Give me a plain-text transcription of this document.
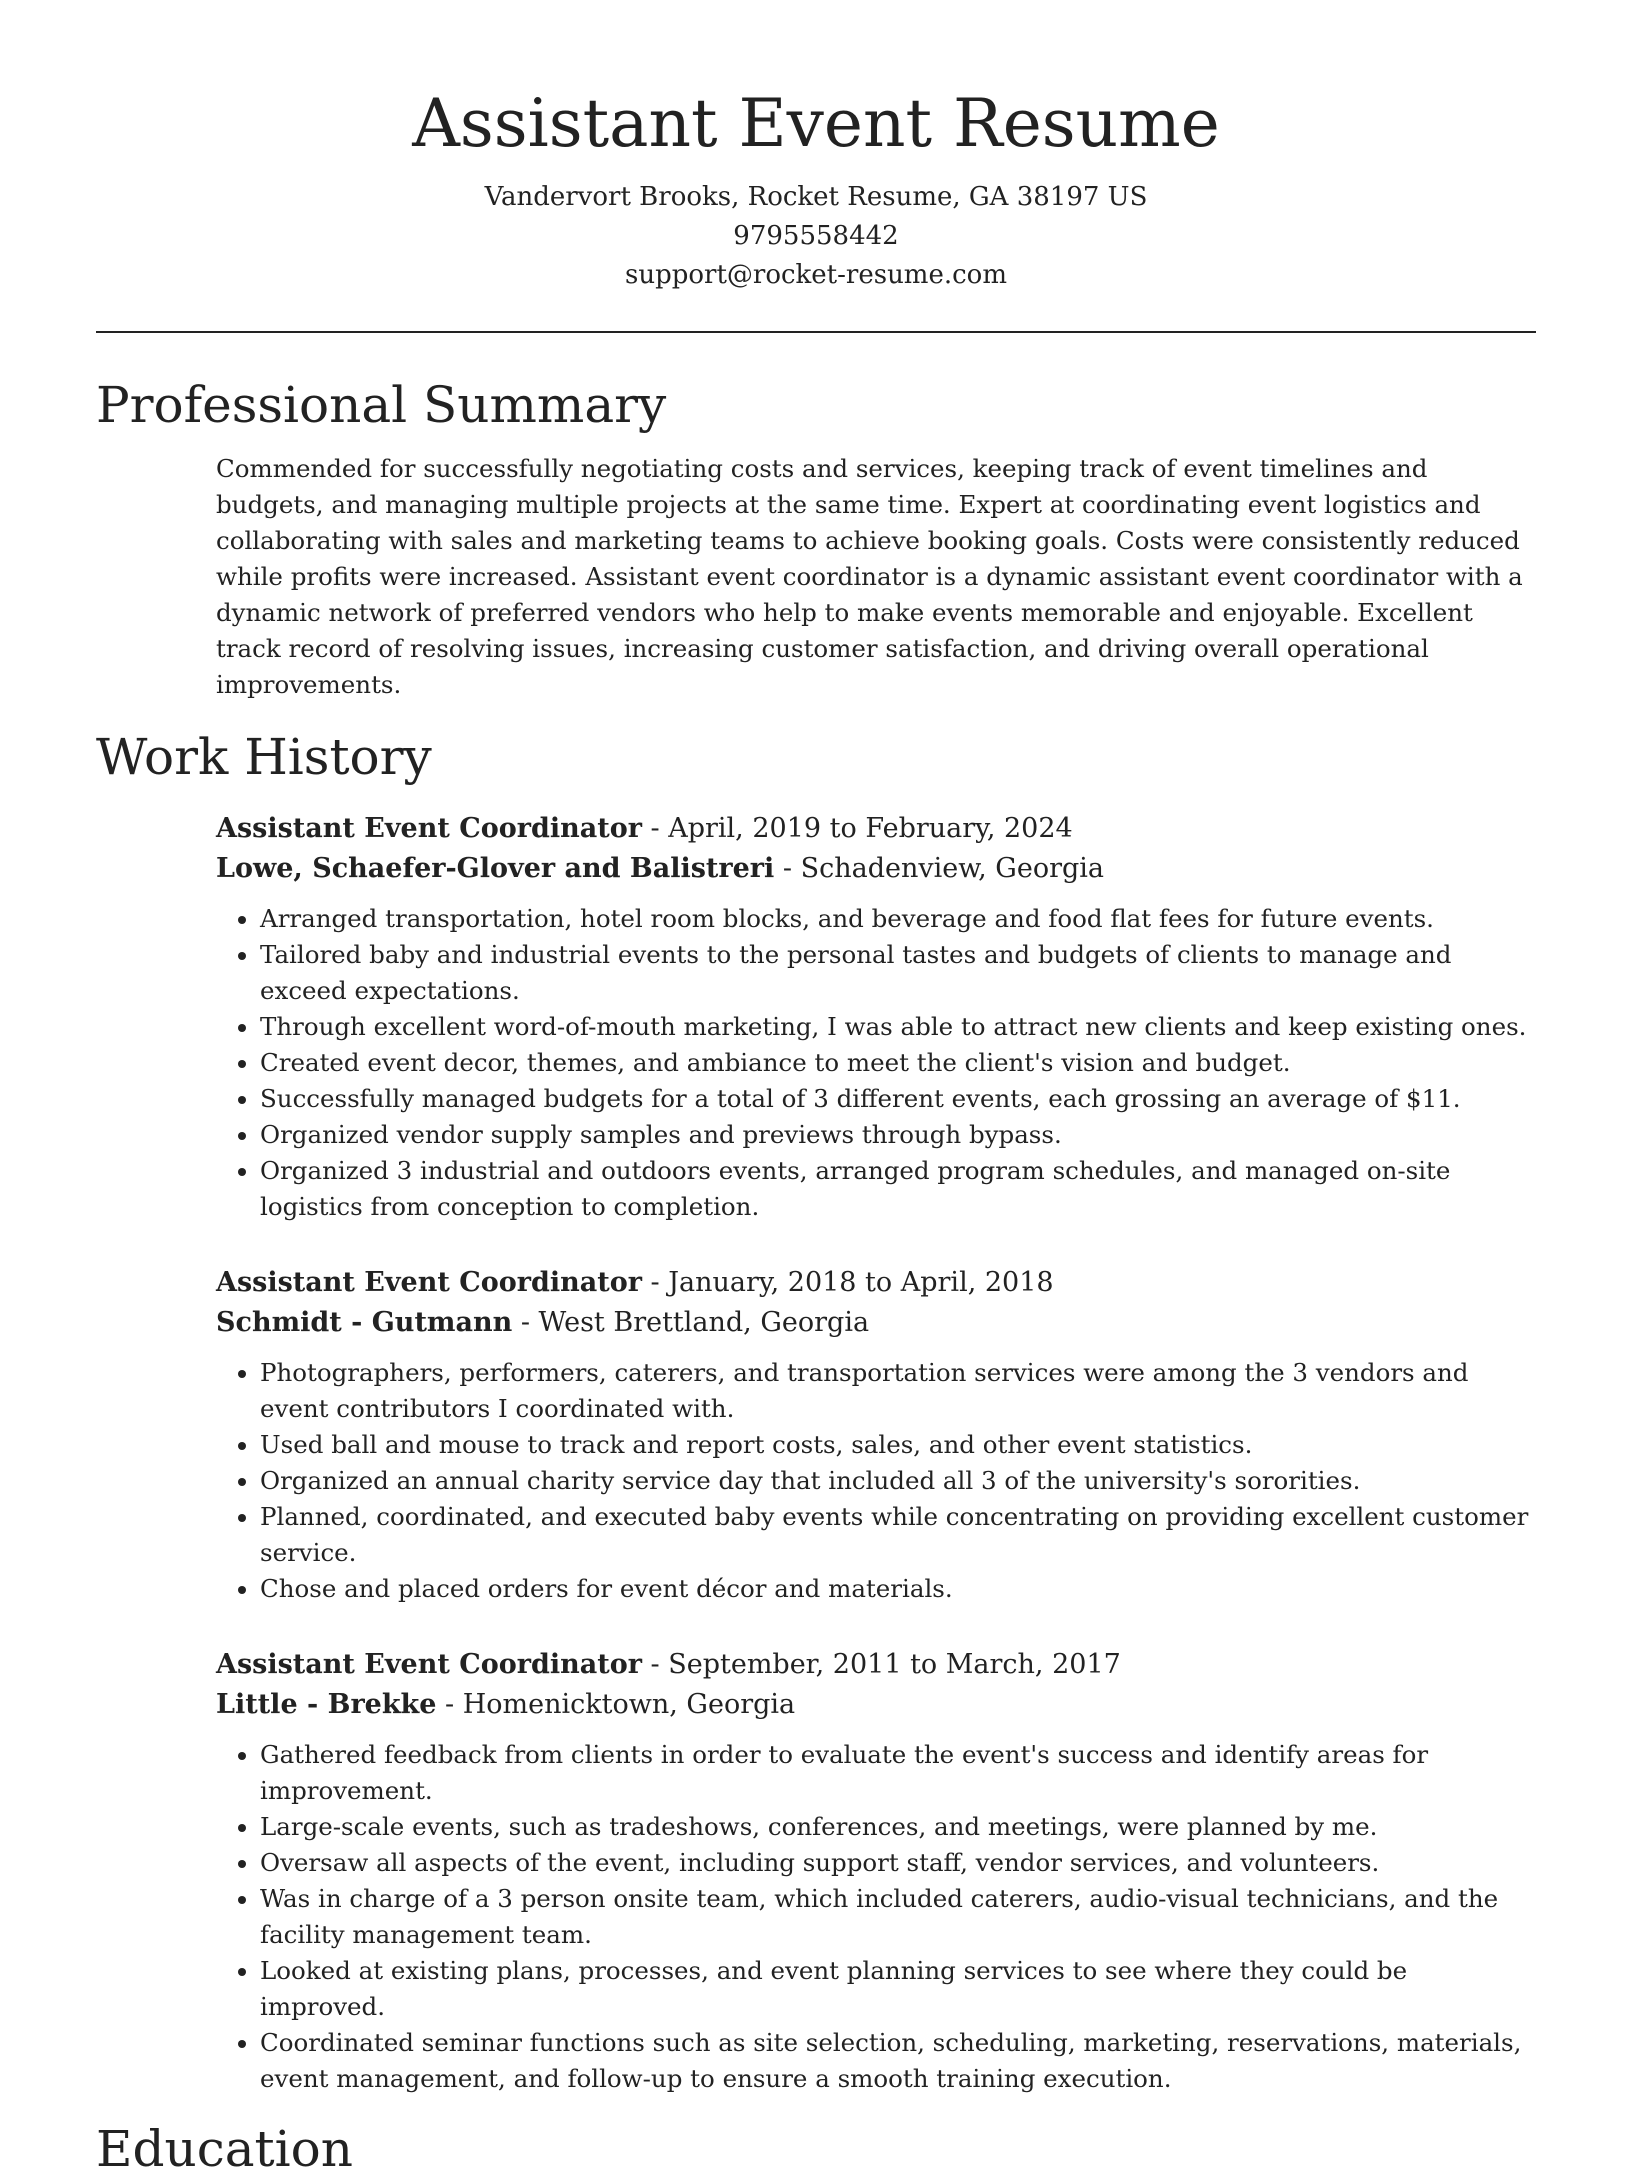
Assistant Event Resume
Vandervort Brooks, Rocket Resume, GA 38197 US
9795558442
support@rocket-resume.com
Professional Summary

Commended for successfully negotiating costs and services, keeping track of event timelines and budgets, and managing multiple projects at the same time. Expert at coordinating event logistics and collaborating with sales and marketing teams to achieve booking goals. Costs were consistently reduced while profits were increased. Assistant event coordinator is a dynamic assistant event coordinator with a dynamic network of preferred vendors who help to make events memorable and enjoyable. Excellent track record of resolving issues, increasing customer satisfaction, and driving overall operational improvements.

Work History
Assistant Event Coordinator - April, 2019 to February, 2024
Lowe, Schaefer-Glover and Balistreri - Schadenview, Georgia
• Arranged transportation, hotel room blocks, and beverage and food flat fees for future events.
• Tailored baby and industrial events to the personal tastes and budgets of clients to manage and exceed expectations.
• Through excellent word-of-mouth marketing, I was able to attract new clients and keep existing ones.
• Created event decor, themes, and ambiance to meet the client's vision and budget.
• Successfully managed budgets for a total of 3 different events, each grossing an average of $11.
• Organized vendor supply samples and previews through bypass.
• Organized 3 industrial and outdoors events, arranged program schedules, and managed on-site logistics from conception to completion.
Assistant Event Coordinator - January, 2018 to April, 2018
Schmidt - Gutmann - West Brettland, Georgia
• Photographers, performers, caterers, and transportation services were among the 3 vendors and event contributors I coordinated with.
• Used ball and mouse to track and report costs, sales, and other event statistics.
• Organized an annual charity service day that included all 3 of the university's sororities.
• Planned, coordinated, and executed baby events while concentrating on providing excellent customer service.
• Chose and placed orders for event décor and materials.
Assistant Event Coordinator - September, 2011 to March, 2017
Little - Brekke - Homenicktown, Georgia
• Gathered feedback from clients in order to evaluate the event's success and identify areas for improvement.
• Large-scale events, such as tradeshows, conferences, and meetings, were planned by me.
• Oversaw all aspects of the event, including support staff, vendor services, and volunteers.
• Was in charge of a 3 person onsite team, which included caterers, audio-visual technicians, and the facility management team.
• Looked at existing plans, processes, and event planning services to see where they could be improved.
• Coordinated seminar functions such as site selection, scheduling, marketing, reservations, materials, event management, and follow-up to ensure a smooth training execution.
Education
